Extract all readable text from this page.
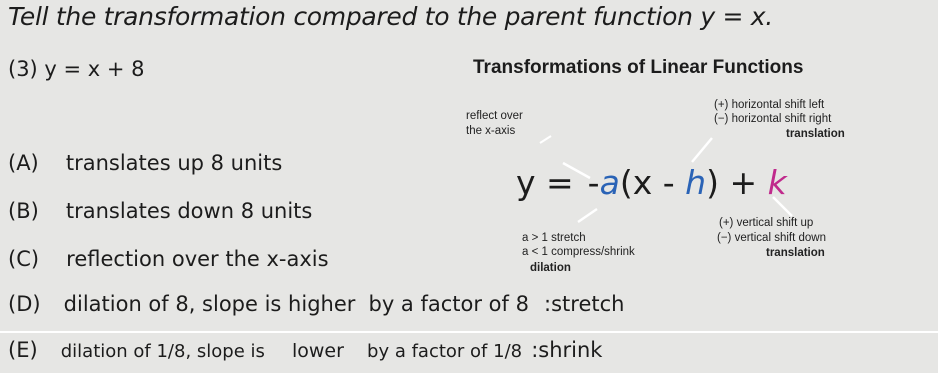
Tell the transformation compared to the parent function y = x.
(3) y = x + 8	Transformations of Linear Functions
reflect over
the x-axis
(+) horizontal shift left
(−) horizontal shift right
translation
y = -a(x - h) + k
(+) vertical shift up
(−) vertical shift down
translation
a > 1 stretch
a < 1 compress/shrink
dilation
(A) translates up 8 units
(B) translates down 8 units
(C) reflection over the x-axis
(D) dilation of 8, slope is higher by a factor of 8 :stretch
(E) dilation of 1/8, slope is lower by a factor of 1/8 :shrink
